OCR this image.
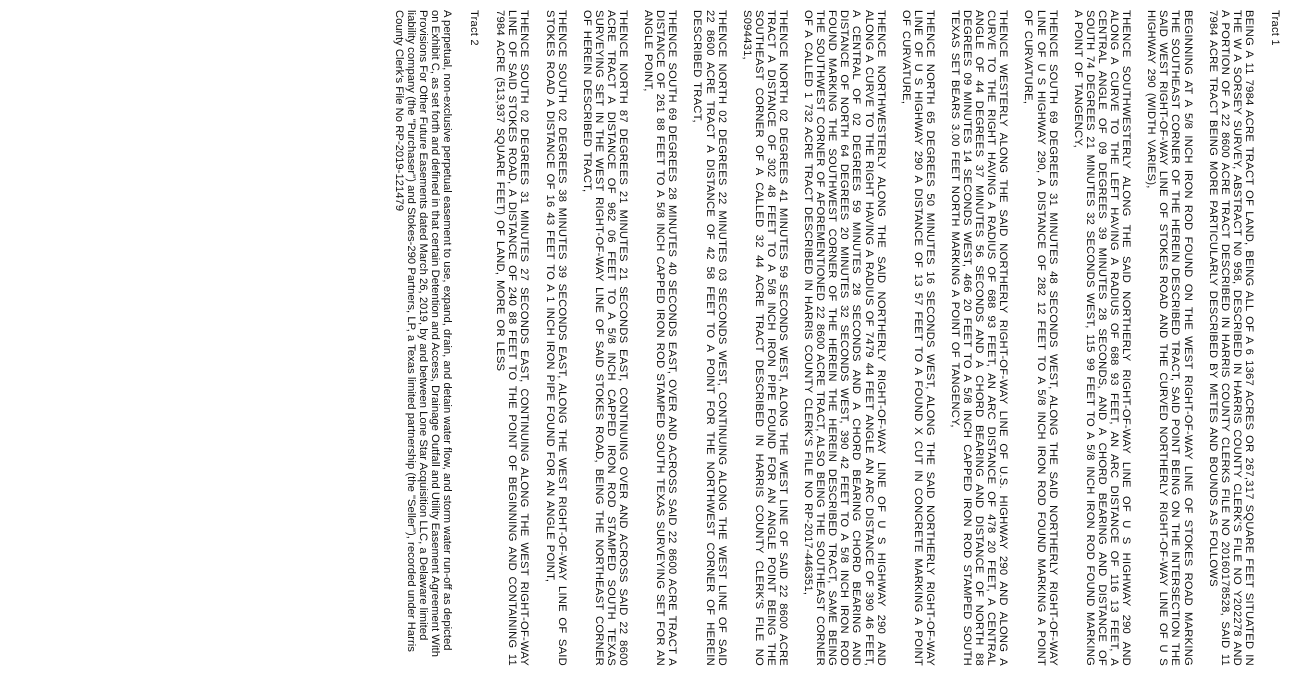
Tract 1

BEING A 11 7984 ACRE TRACT OF LAND, BEING ALL OF A 6 1367 ACRES OR 267,317 SQUARE FEET SITUATED IN THE W A SORSEY SURVEY, ABSTRACT N0 958, DESCRIBED IN HARRIS COUNTY CLERK'S FILE NO Y202278 AND A PORTION OF A 22 8600 ACRE TRACT DESCRIBED IN HARRIS COUNTY CLERKS FILE NO 20160178528, SAID 11 7984 ACRE TRACT BEING MORE PARTICULARLY DESCRIBED BY METES AND BOUNDS AS FOLLOWS

BEGINNING AT A 5/8 INCH IRON ROD FOUND ON THE WEST RIGHT-OF-WAY LINE OF STOKES ROAD MARKING THE SOUTHEAST CORNER OF THE HEREIN DESCRIBED TRACT, SAID POINT BEING ON THE INTERSECTION THE SAID WEST RIGHT-OF-WAY LINE OF STOKES ROAD AND THE CURVED NORTHERLY RIGHT-OF-WAY LINE OF U S HIGHWAY 290 (WIDTH VARIES),

THENCE SOUTHWESTERLY ALONG THE SAID NORTHERLY RIGHT-OF-WAY LINE OF U S HIGHWAY 290 AND ALONG A CURVE TO THE LEFT HAVING A RADIUS OF 688 93 FEET, AN ARC DISTANCE OF 116 13 FEET, A CENTRAL ANGLE OF 09 DEGREES 39 MINUTES 28 SECONDS, AND A CHORD BEARING AND DISTANCE OF SOUTH 74 DEGREES 21 MINUTES 32 SECONDS WEST, 115 99 FEET TO A 5/8 INCH IRON ROD FOUND MARKING A POINT OF TANGENCY,

THENCE SOUTH 69 DEGREES 31 MINUTES 48 SECONDS WEST, ALONG THE SAID NORTHERLY RIGHT-OF-WAY LINE OF U S HIGHWAY 290, A DISTANCE OF 282 12 FEET TO A 5/8 INCH IRON ROD FOUND MARKING A POINT OF CURVATURE,

THENCE WESTERLY ALONG THE SAID NORTHERLY RIGHT-OF-WAY LINE OF U.S. HIGHWAY 290 AND ALONG A CURVE TO THE RIGHT HAVING A RADIUS OF 688 93 FEET, AN ARC DISTANCE OF 478 20 FEET, A CENTRAL ANGLE OF 44 DEGREES 37 MINUTES 56 SECONDS AND A CHORD BEARING AND DISTANCE OF NORTH 88 DEGREES 09 MINUTES 14 SECONDS WEST, 466 20 FEET TO A 5/8 INCH CAPPED IRON ROD STAMPED SOUTH TEXAS SET BEARS 3.00 FEET NORTH MARKING A POINT OF TANGENCY,

THENCE NORTH 65 DEGREES 50 MINUTES 16 SECONDS WEST, ALONG THE SAID NORTHERLY RIGHT-OF-WAY LINE OF U S HIGHWAY 290 A DISTANCE OF 13 57 FEET TO A FOUND X CUT IN CONCRETE MARKING A POINT OF CURVATURE,

THENCE NORTHWESTERLY ALONG THE SAID NORTHERLY RIGHT-OF-WAY LINE OF U S HIGHWAY 290 AND ALONG A CURVE TO THE RIGHT HAVING A RADIUS OF 7479 44 FEET ANGLE AN ARC DISTANCE OF 390 46 FEET, A CENTRAL OF 02 DEGREES 59 MINUTES 28 SECONDS AND A CHORD BEARING CHORD BEARING AND DISTANCE OF NORTH 64 DEGREES 20 MINUTES 32 SECONDS WEST, 390 42 FEET TO A 5/8 INCH IRON ROD FOUND MARKING THE SOUTHWEST CORNER OF THE HEREIN THE HEREIN DESCRIBED TRACT, SAME BEING THE SOUTHWEST CORNER OF AFOREMENTIONED 22 8600 ACRE TRACT, ALSO BEING THE SOUTHEAST CORNER OF A CALLED 1 732 ACRE TRACT DESCRIBED IN HARRIS COUNTY CLERK'S FILE NO RP-2017-446351,

THENCE NORTH 02 DEGREES 41 MINUTES 59 SECONDS WEST, ALONG THE WEST LINE OF SAID 22 8600 ACRE TRACT A DISTANCE OF 302 48 FEET TO A 5/8 INCH IRON PIPE FOUND FOR AN ANGLE POINT BEING THE SOUTHEAST CORNER OF A CALLED 32 44 ACRE TRACT DESCRIBED IN HARRIS COUNTY CLERK'S FILE NO S094431,

THENCE NORTH 02 DEGREES 22 MINUTES 03 SECONDS WEST, CONTINUING ALONG THE WEST LINE OF SAID 22 8600 ACRE TRACT A DISTANCE OF 42 58 FEET TO A POINT FOR THE NORTHWEST CORNER OF HEREIN DESCRIBED TRACT,

THENCE SOUTH 69 DEGREES 28 MINUTES 40 SECONDS EAST, OVER AND ACROSS SAID 22 8600 ACRE TRACT A DISTANCE OF 261 88 FEET TO A 5/8 INCH CAPPED IRON ROD STAMPED SOUTH TEXAS SURVEYING SET FOR AN ANGLE POINT,

THENCE NORTH 87 DEGREES 21 MINUTES 21 SECONDS EAST, CONTINUING OVER AND ACROSS SAID 22 8600 ACRE TRACT A DISTANCE OF 962 06 FEET TO A 5/8 INCH CAPPED IRON ROD STAMPED SOUTH TEXAS SURVEYING SET IN THE WEST RIGHT-OF-WAY LINE OF SAID STOKES ROAD, BEING THE NORTHEAST CORNER OF HEREIN DESCRIBED TRACT,

THENCE SOUTH 02 DEGREES 38 MINUTES 39 SECONDS EAST, ALONG THE WEST RIGHT-OF-WAY LINE OF SAID STOKES ROAD A DISTANCE OF 16 43 FEET TO A 1 INCH IRON PIPE FOUND FOR AN ANGLE POINT,

THENCE SOUTH 02 DEGREES 31 MINUTES 27 SECONDS EAST, CONTINUING ALONG THE WEST RIGHT-OF-WAY LINE OF SAID STOKES ROAD, A DISTANCE OF 240 88 FEET TO THE POINT OF BEGINNING AND CONTAINING 11 7984 ACRE (513,937 SQUARE FEET) OF LAND, MORE OR LESS

Tract 2

A perpetual, non-exclusive perpetual easement to use, expand, drain, and detain water flow, and storm water run-off as depicted on Exhibit C, as set forth and defined in that certain Detention and Access, Drainage Outfall and Utility Easement Agreement With Provisions For Other Future Easements dated March 26, 2019, by and between Lone Star Acquisition LLC, a Delaware limited liability company (the "Purchaser") and Stokes-290 Partners, LP, a Texas limited partnership (the "Seller"), recorded under Harris County Clerk's File No RP-2019-121479
